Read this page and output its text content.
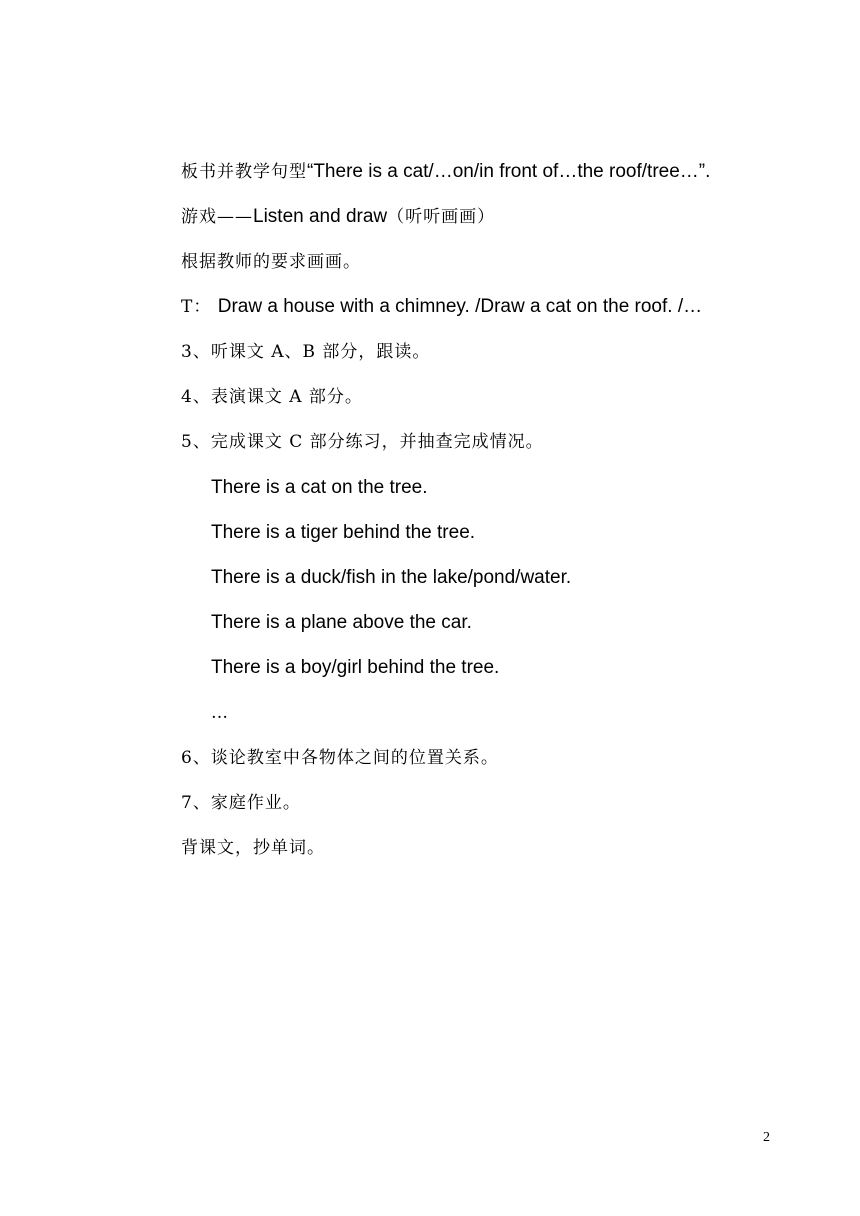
板书并教学句型“There is a cat/…on/in front of…the roof/tree…”.
游戏——Listen and draw（听听画画）
根据教师的要求画画。
T： Draw a house with a chimney. /Draw a cat on the roof. /…
3、听课文 A、B 部分，跟读。
4、表演课文 A 部分。
5、完成课文 C 部分练习，并抽查完成情况。
There is a cat on the tree.
There is a tiger behind the tree.
There is a duck/fish in the lake/pond/water.
There is a plane above the car.
There is a boy/girl behind the tree.
…
6、谈论教室中各物体之间的位置关系。
7、家庭作业。
背课文，抄单词。
2
